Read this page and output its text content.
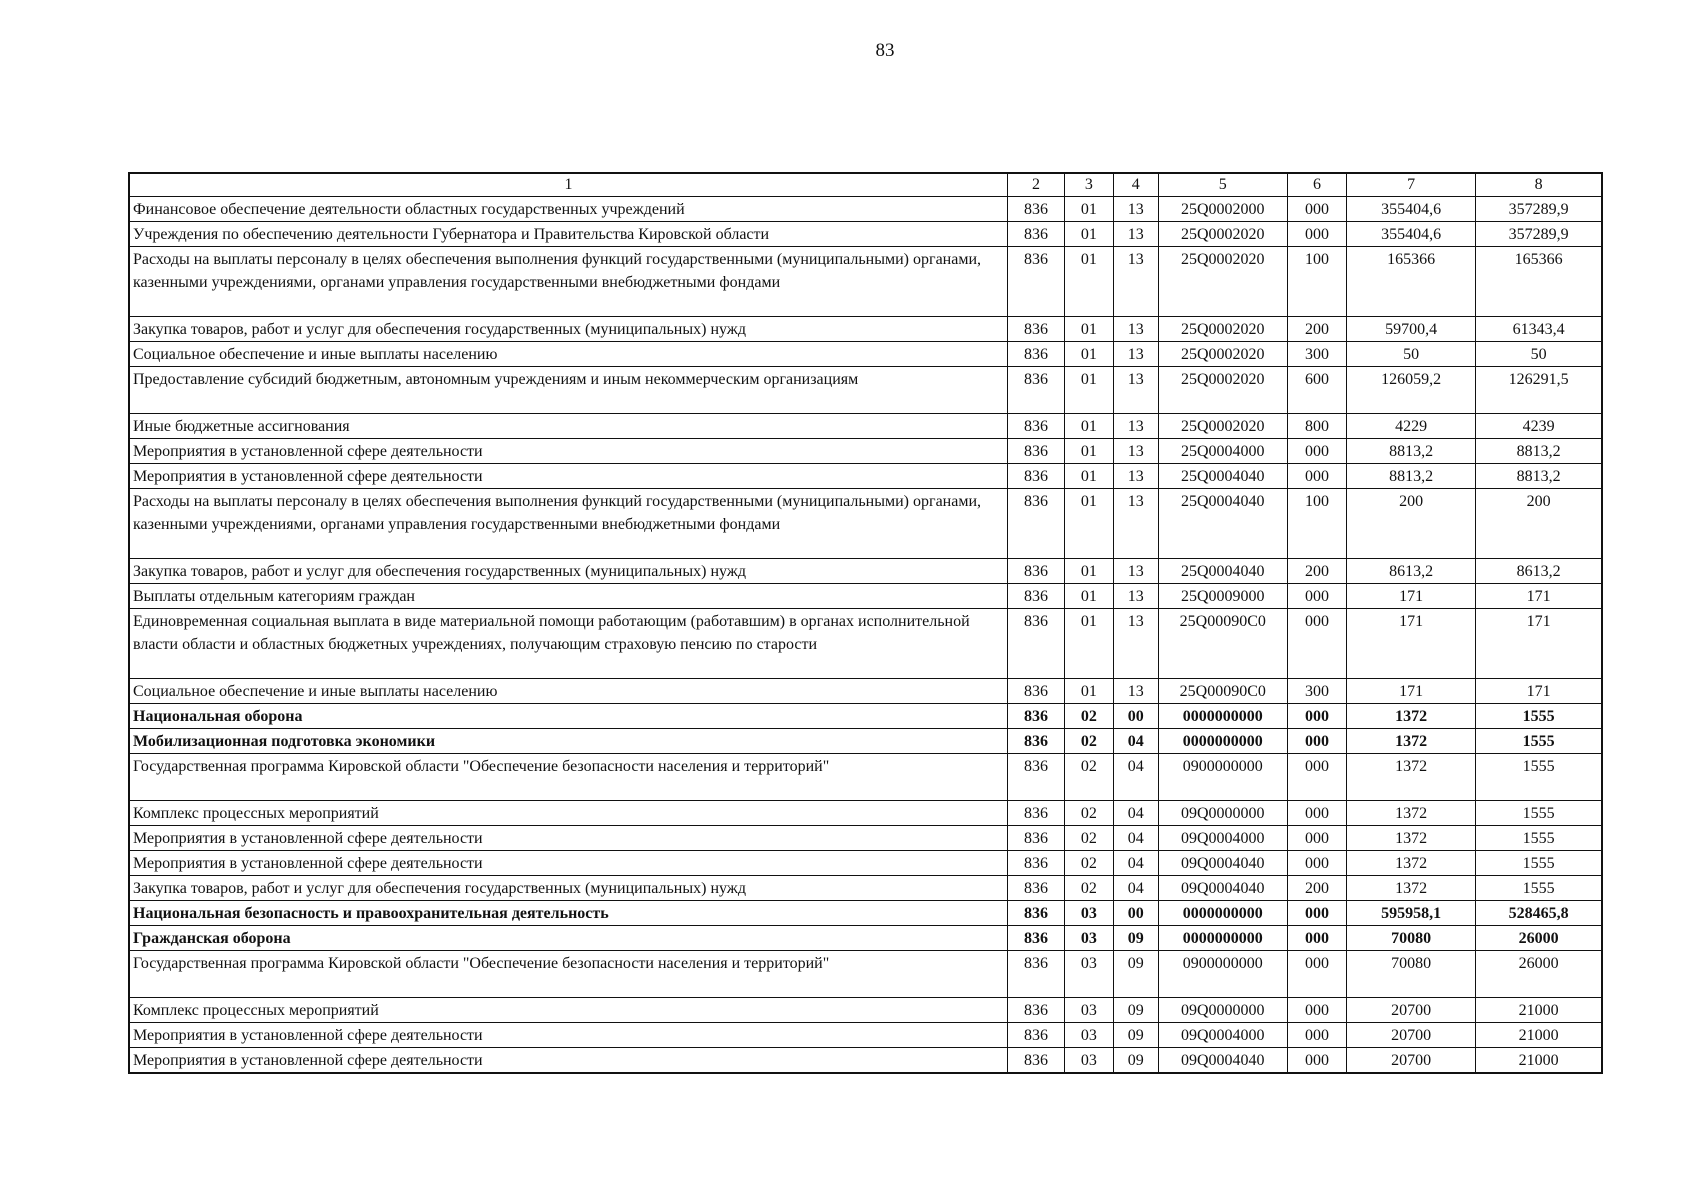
83
1	2	3	4	5	6	7	8
Финансовое обеспечение деятельности областных государственных учреждений	836	01	13	25Q0002000	000	355404,6	357289,9
Учреждения по обеспечению деятельности Губернатора и Правительства Кировской области	836	01	13	25Q0002020	000	355404,6	357289,9
Расходы на выплаты персоналу в целях обеспечения выполнения функций государственными (муниципальными) органами, казенными учреждениями, органами управления государственными внебюджетными фондами	836	01	13	25Q0002020	100	165366	165366
Закупка товаров, работ и услуг для обеспечения государственных (муниципальных) нужд	836	01	13	25Q0002020	200	59700,4	61343,4
Социальное обеспечение и иные выплаты населению	836	01	13	25Q0002020	300	50	50
Предоставление субсидий бюджетным, автономным учреждениям и иным некоммерческим организациям	836	01	13	25Q0002020	600	126059,2	126291,5
Иные бюджетные ассигнования	836	01	13	25Q0002020	800	4229	4239
Мероприятия в установленной сфере деятельности	836	01	13	25Q0004000	000	8813,2	8813,2
Мероприятия в установленной сфере деятельности	836	01	13	25Q0004040	000	8813,2	8813,2
Расходы на выплаты персоналу в целях обеспечения выполнения функций государственными (муниципальными) органами, казенными учреждениями, органами управления государственными внебюджетными фондами	836	01	13	25Q0004040	100	200	200
Закупка товаров, работ и услуг для обеспечения государственных (муниципальных) нужд	836	01	13	25Q0004040	200	8613,2	8613,2
Выплаты отдельным категориям граждан	836	01	13	25Q0009000	000	171	171
Единовременная социальная выплата в виде материальной помощи работающим (работавшим) в органах исполнительной власти области и областных бюджетных учреждениях, получающим страховую пенсию по старости	836	01	13	25Q00090C0	000	171	171
Социальное обеспечение и иные выплаты населению	836	01	13	25Q00090C0	300	171	171
Национальная оборона	836	02	00	0000000000	000	1372	1555
Мобилизационная подготовка экономики	836	02	04	0000000000	000	1372	1555
Государственная программа Кировской области "Обеспечение безопасности населения и территорий"	836	02	04	0900000000	000	1372	1555
Комплекс процессных мероприятий	836	02	04	09Q0000000	000	1372	1555
Мероприятия в установленной сфере деятельности	836	02	04	09Q0004000	000	1372	1555
Мероприятия в установленной сфере деятельности	836	02	04	09Q0004040	000	1372	1555
Закупка товаров, работ и услуг для обеспечения государственных (муниципальных) нужд	836	02	04	09Q0004040	200	1372	1555
Национальная безопасность и правоохранительная деятельность	836	03	00	0000000000	000	595958,1	528465,8
Гражданская оборона	836	03	09	0000000000	000	70080	26000
Государственная программа Кировской области "Обеспечение безопасности населения и территорий"	836	03	09	0900000000	000	70080	26000
Комплекс процессных мероприятий	836	03	09	09Q0000000	000	20700	21000
Мероприятия в установленной сфере деятельности	836	03	09	09Q0004000	000	20700	21000
Мероприятия в установленной сфере деятельности	836	03	09	09Q0004040	000	20700	21000
